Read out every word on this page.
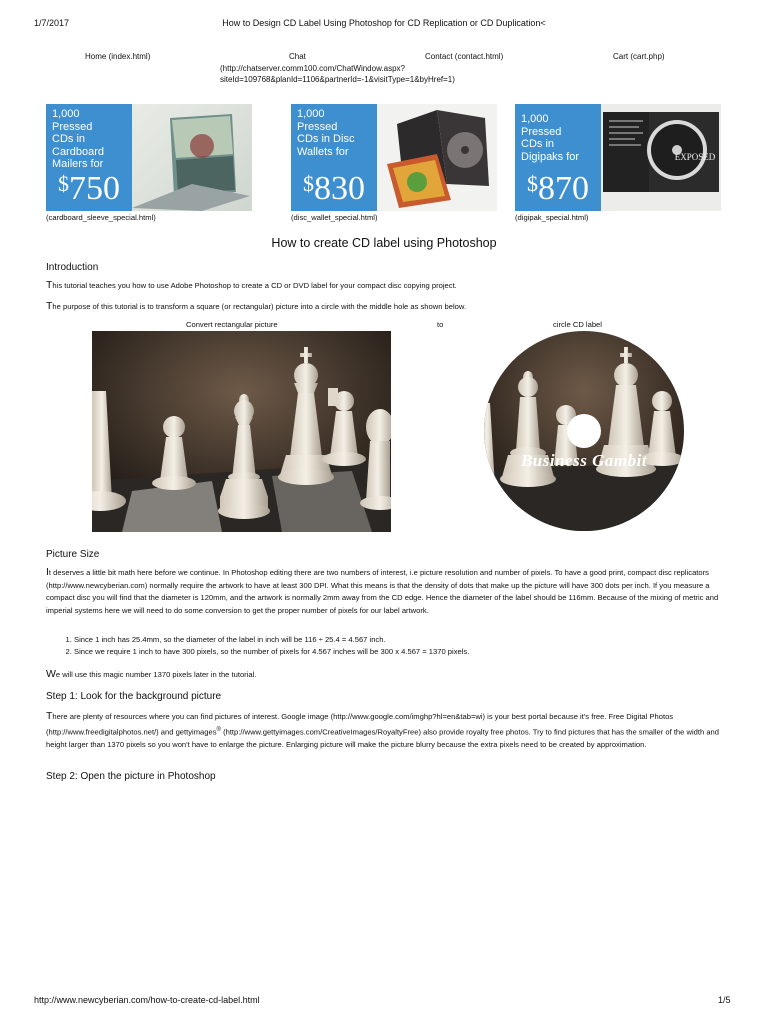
1/7/2017	How to Design CD Label Using Photoshop for CD Replication or CD Duplication<
Home (index.html)	Chat
(http://chatserver.comm100.com/ChatWindow.aspx?
siteId=109768&planId=1106&partnerId=-1&visitType=1&byHref=1)
Contact (contact.html)	Cart (cart.php)
1,000
Pressed
CDs in
Cardboard
Mailers for
$750
(cardboard_sleeve_special.html)
1,000
Pressed
CDs in Disc
Wallets for
$830
(disc_wallet_special.html)
EXPOSED
1,000
Pressed
CDs in
Digipaks for
$870
(digipak_special.html)
How to create CD label using Photoshop
Introduction

This tutorial teaches you how to use Adobe Photoshop to create a CD or DVD label for your compact disc copying project.

The purpose of this tutorial is to transform a square (or rectangular) picture into a circle with the middle hole as shown below.

Convert rectangular picture	to	circle CD label
Business Gambit
Picture Size

It deserves a little bit math here before we continue. In Photoshop editing there are two numbers of interest, i.e picture resolution and number of pixels. To have a good print, compact disc replicators (http://www.newcyberian.com) normally require the artwork to have at least 300 DPI. What this means is that the density of dots that make up the picture will have 300 dots per inch. If you measure a compact disc you will find that the diameter is 120mm, and the artwork is normally 2mm away from the CD edge. Hence the diameter of the label should be 116mm. Because of the mixing of metric and imperial systems here we will need to do some conversion to get the proper number of pixels for our label artwork.

1. Since 1 inch has 25.4mm, so the diameter of the label in inch will be 116 ÷ 25.4 = 4.567 inch.
2. Since we require 1 inch to have 300 pixels, so the number of pixels for 4.567 inches will be 300 x 4.567 = 1370 pixels.

We will use this magic number 1370 pixels later in the tutorial.

Step 1: Look for the background picture

There are plenty of resources where you can find pictures of interest. Google image (http://www.google.com/imghp?hl=en&tab=wi) is your best portal because it's free. Free Digital Photos (http://www.freedigitalphotos.net/) and gettyimages® (http://www.gettyimages.com/CreativeImages/RoyaltyFree) also provide royalty free photos. Try to find pictures that has the smaller of the width and height larger than 1370 pixels so you won't have to enlarge the picture. Enlarging picture will make the picture blurry because the extra pixels need to be created by approximation.

Step 2: Open the picture in Photoshop
http://www.newcyberian.com/how-to-create-cd-label.html	1/5
